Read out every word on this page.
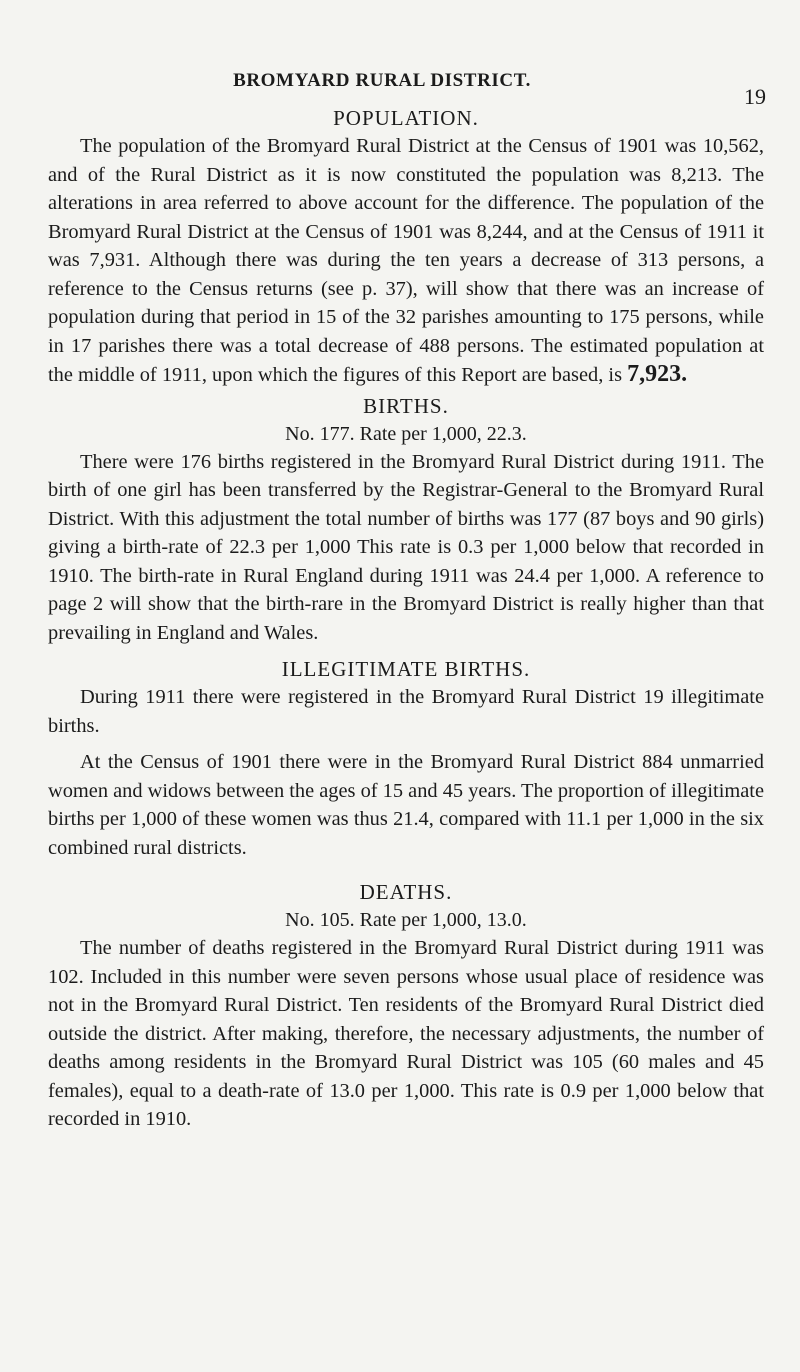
BROMYARD RURAL DISTRICT.
19
POPULATION.

The population of the Bromyard Rural District at the Census of 1901 was 10,562, and of the Rural District as it is now constituted the population was 8,213. The alterations in area referred to above account for the difference. The population of the Bromyard Rural District at the Census of 1901 was 8,244, and at the Census of 1911 it was 7,931. Although there was during the ten years a decrease of 313 persons, a reference to the Census returns (see p. 37), will show that there was an increase of population during that period in 15 of the 32 parishes amounting to 175 persons, while in 17 parishes there was a total decrease of 488 persons. The estimated population at the middle of 1911, upon which the figures of this Report are based, is 7,923.

BIRTHS.

No. 177. Rate per 1,000, 22.3.

There were 176 births registered in the Bromyard Rural District during 1911. The birth of one girl has been transferred by the Registrar-General to the Bromyard Rural District. With this adjustment the total number of births was 177 (87 boys and 90 girls) giving a birth-rate of 22.3 per 1,000 This rate is 0.3 per 1,000 below that recorded in 1910. The birth-rate in Rural England during 1911 was 24.4 per 1,000. A reference to page 2 will show that the birth-rare in the Bromyard District is really higher than that prevailing in England and Wales.

ILLEGITIMATE BIRTHS.

During 1911 there were registered in the Bromyard Rural District 19 illegitimate births.

At the Census of 1901 there were in the Bromyard Rural District 884 unmarried women and widows between the ages of 15 and 45 years. The proportion of illegitimate births per 1,000 of these women was thus 21.4, compared with 11.1 per 1,000 in the six combined rural districts.

DEATHS.

No. 105. Rate per 1,000, 13.0.

The number of deaths registered in the Bromyard Rural District during 1911 was 102. Included in this number were seven persons whose usual place of residence was not in the Bromyard Rural District. Ten residents of the Bromyard Rural District died outside the district. After making, therefore, the necessary adjustments, the number of deaths among residents in the Bromyard Rural District was 105 (60 males and 45 females), equal to a death-rate of 13.0 per 1,000. This rate is 0.9 per 1,000 below that recorded in 1910.
